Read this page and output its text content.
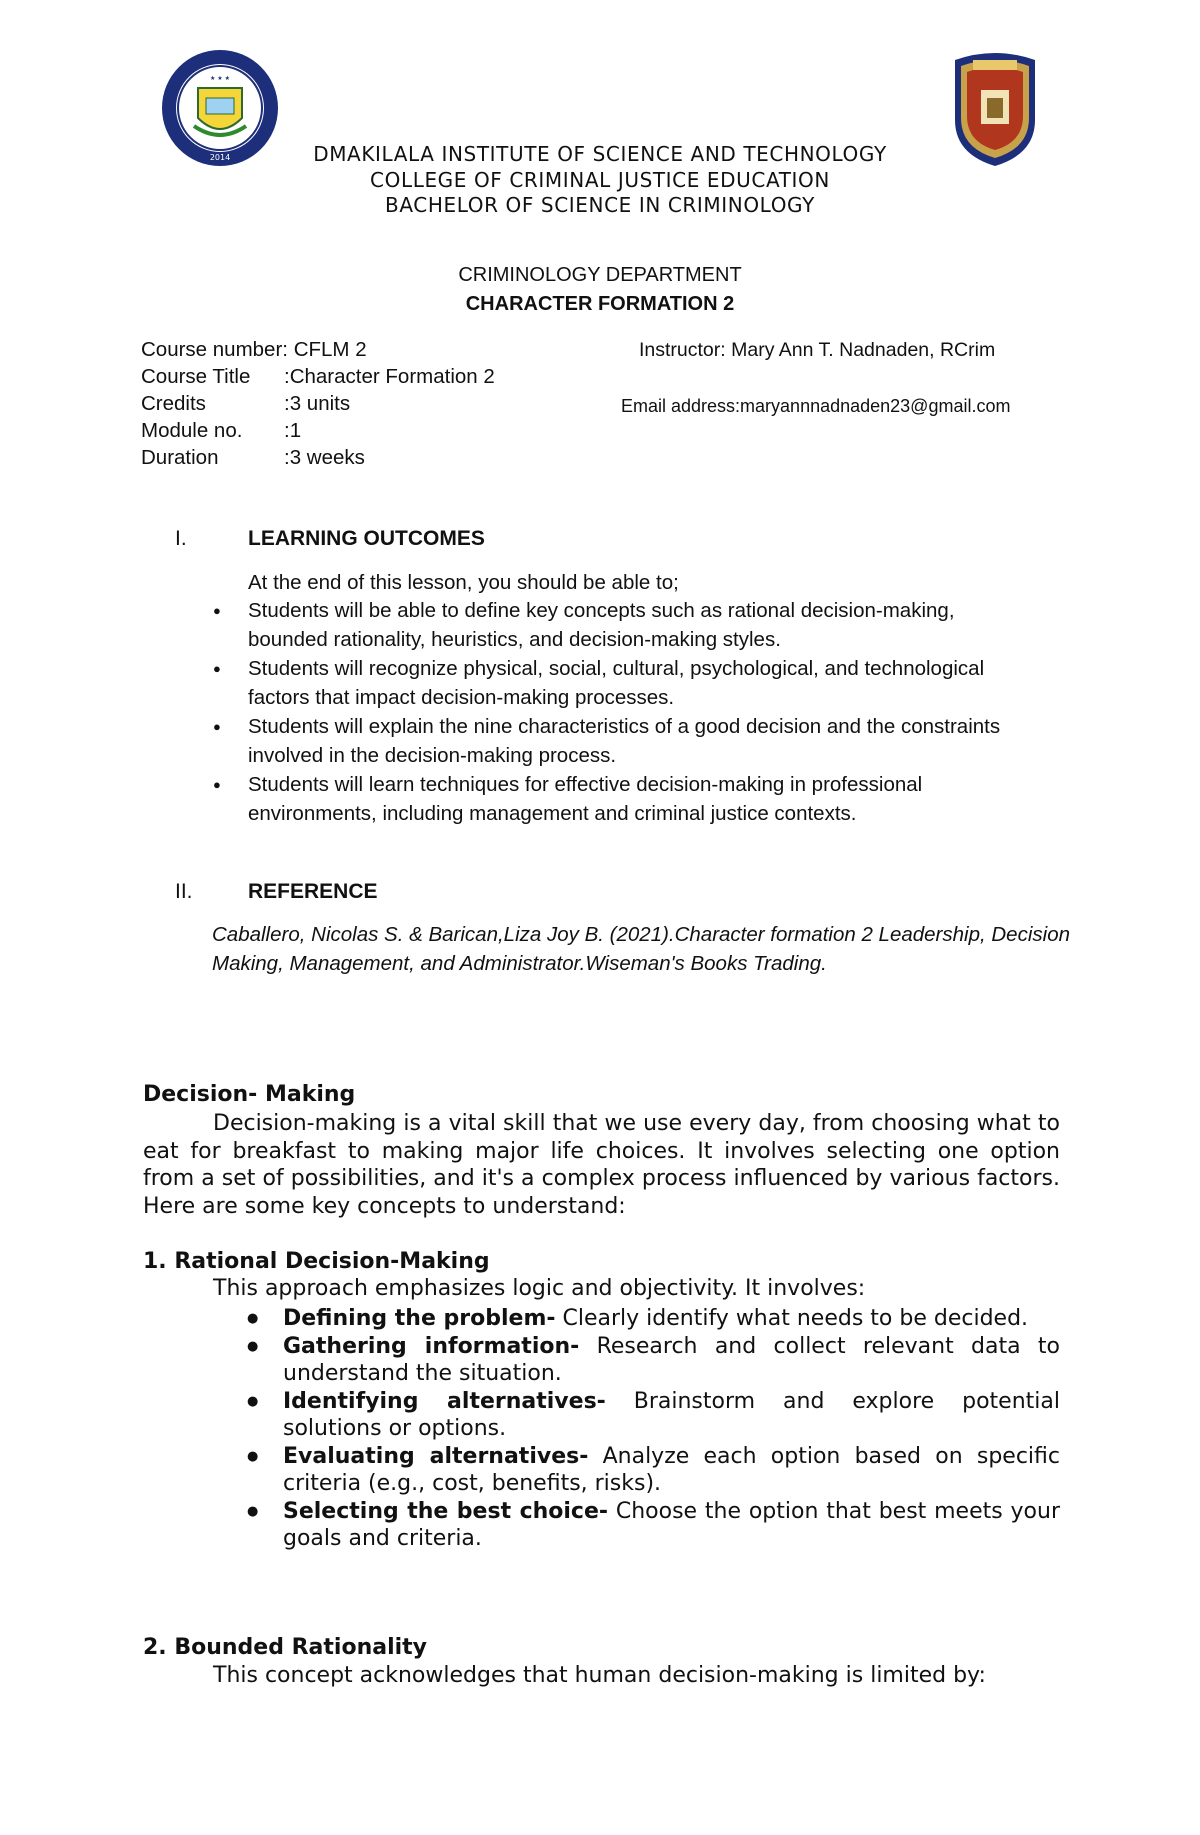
★ ★ ★
2014	DMAKILALA INSTITUTE OF SCIENCE AND TECHNOLOGY
COLLEGE OF CRIMINAL JUSTICE EDUCATION
BACHELOR OF SCIENCE IN CRIMINOLOGY
CRIMINOLOGY DEPARTMENT
CHARACTER FORMATION 2
Course number: CFLM 2
Course Title :Character Formation 2
Credits	:3 units
Module no. :1
Duration	:3 weeks
Instructor: Mary Ann T. Nadnaden, RCrim
Email address:maryannnadnaden23@gmail.com
I.	LEARNING OUTCOMES
At the end of this lesson, you should be able to;
● Students will be able to define key concepts such as rational decision-making, bounded rationality, heuristics, and decision-making styles.
● Students will recognize physical, social, cultural, psychological, and technological factors that impact decision-making processes.
● Students will explain the nine characteristics of a good decision and the constraints involved in the decision-making process.
● Students will learn techniques for effective decision-making in professional environments, including management and criminal justice contexts.
II.	REFERENCE
Caballero, Nicolas S. & Barican,Liza Joy B. (2021).Character formation 2 Leadership, Decision Making, Management, and Administrator.Wiseman's Books Trading.
Decision- Making
Decision-making is a vital skill that we use every day, from choosing what to eat for breakfast to making major life choices. It involves selecting one option from a set of possibilities, and it's a complex process influenced by various factors. Here are some key concepts to understand:
1. Rational Decision-Making
This approach emphasizes logic and objectivity. It involves:
● Defining the problem- Clearly identify what needs to be decided.
● Gathering information- Research and collect relevant data to understand the situation.
● Identifying alternatives- Brainstorm and explore potential solutions or options.
● Evaluating alternatives- Analyze each option based on specific criteria (e.g., cost, benefits, risks).
● Selecting the best choice- Choose the option that best meets your goals and criteria.
2. Bounded Rationality
This concept acknowledges that human decision-making is limited by:
